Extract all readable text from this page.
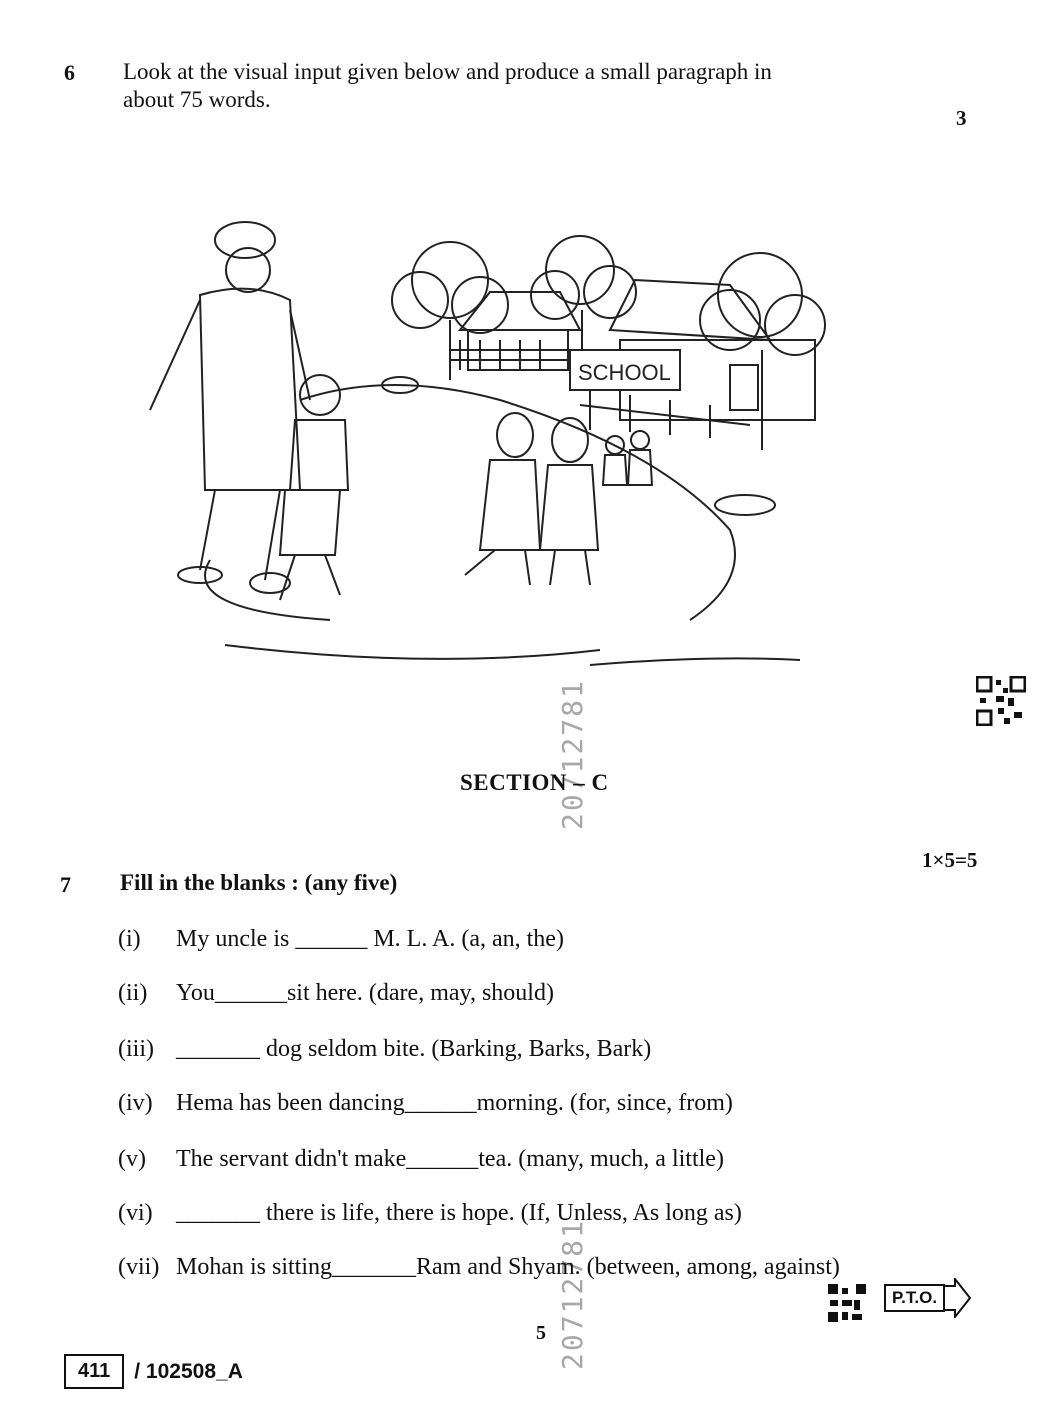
6 Look at the visual input given below and produce a small paragraph in
about 75 words.
3
SCHOOL
20712781
20712781
SECTION – C
1×5=5
7 Fill in the blanks : (any five)
(i) My uncle is ______ M. L. A. (a, an, the)
(ii) You______sit here. (dare, may, should)
(iii) _______ dog seldom bite. (Barking, Barks, Bark)
(iv) Hema has been dancing______morning. (for, since, from)
(v) The servant didn't make______tea. (many, much, a little)
(vi) _______ there is life, there is hope. (If, Unless, As long as)
(vii) Mohan is sitting_______Ram and Shyam. (between, among, against)
5
P.T.O.
411	/ 102508_A
